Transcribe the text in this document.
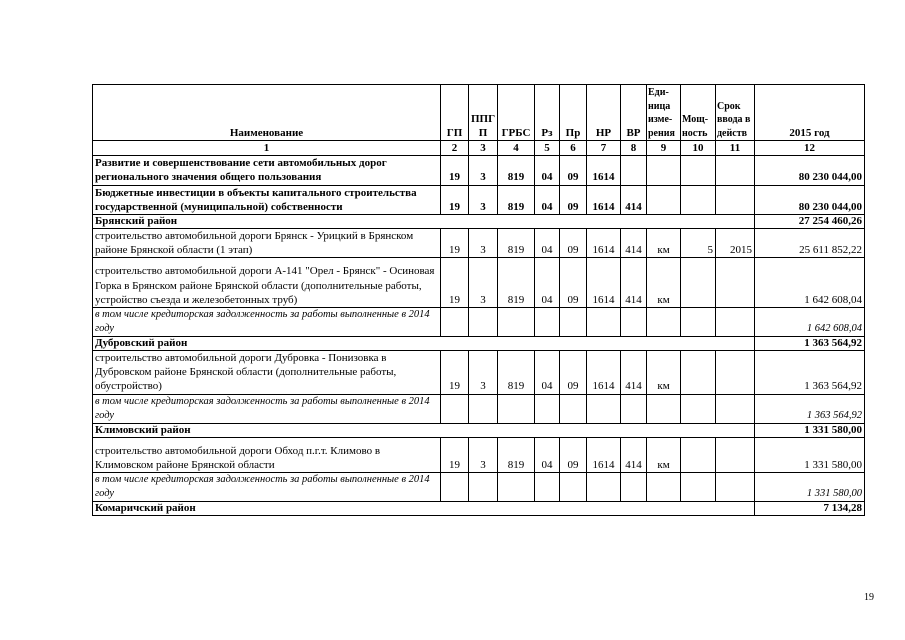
Наименование	ГП	ППГ П	ГРБС	Рз	Пр	НР	ВР	Еди- ница изме- рения	Мощ- ность	Срок ввода в действ	2015 год
1	2	3	4	5	6	7	8	9	10	11	12
Развитие и совершенствование сети автомобильных дорог регионального значения общего пользования	19	3	819	04	09	1614					80 230 044,00
Бюджетные инвестиции в объекты капитального строительства государственной (муниципальной) собственности	19	3	819	04	09	1614	414				80 230 044,00
Брянский район											27 254 460,26
строительство автомобильной дороги Брянск - Урицкий в Брянском районе Брянской области (1 этап)	19	3	819	04	09	1614	414	км	5	2015	25 611 852,22
строительство автомобильной дороги А-141 "Орел - Брянск" - Осиновая Горка в Брянском районе Брянской области (дополнительные работы, устройство съезда и железобетонных труб)	19	3	819	04	09	1614	414	км			1 642 608,04
в том числе кредиторская задолженность за работы выполненные в 2014 году											1 642 608,04
Дубровский район											1 363 564,92
строительство автомобильной дороги Дубровка - Понизовка в Дубровском районе Брянской области (дополнительные работы, обустройство)	19	3	819	04	09	1614	414	км			1 363 564,92
в том числе кредиторская задолженность за работы выполненные в 2014 году											1 363 564,92
Климовский район											1 331 580,00
строительство автомобильной дороги Обход п.г.т. Климово в Климовском районе Брянской области	19	3	819	04	09	1614	414	км			1 331 580,00
в том числе кредиторская задолженность за работы выполненные в 2014 году											1 331 580,00
Комаричский район											7 134,28
19
